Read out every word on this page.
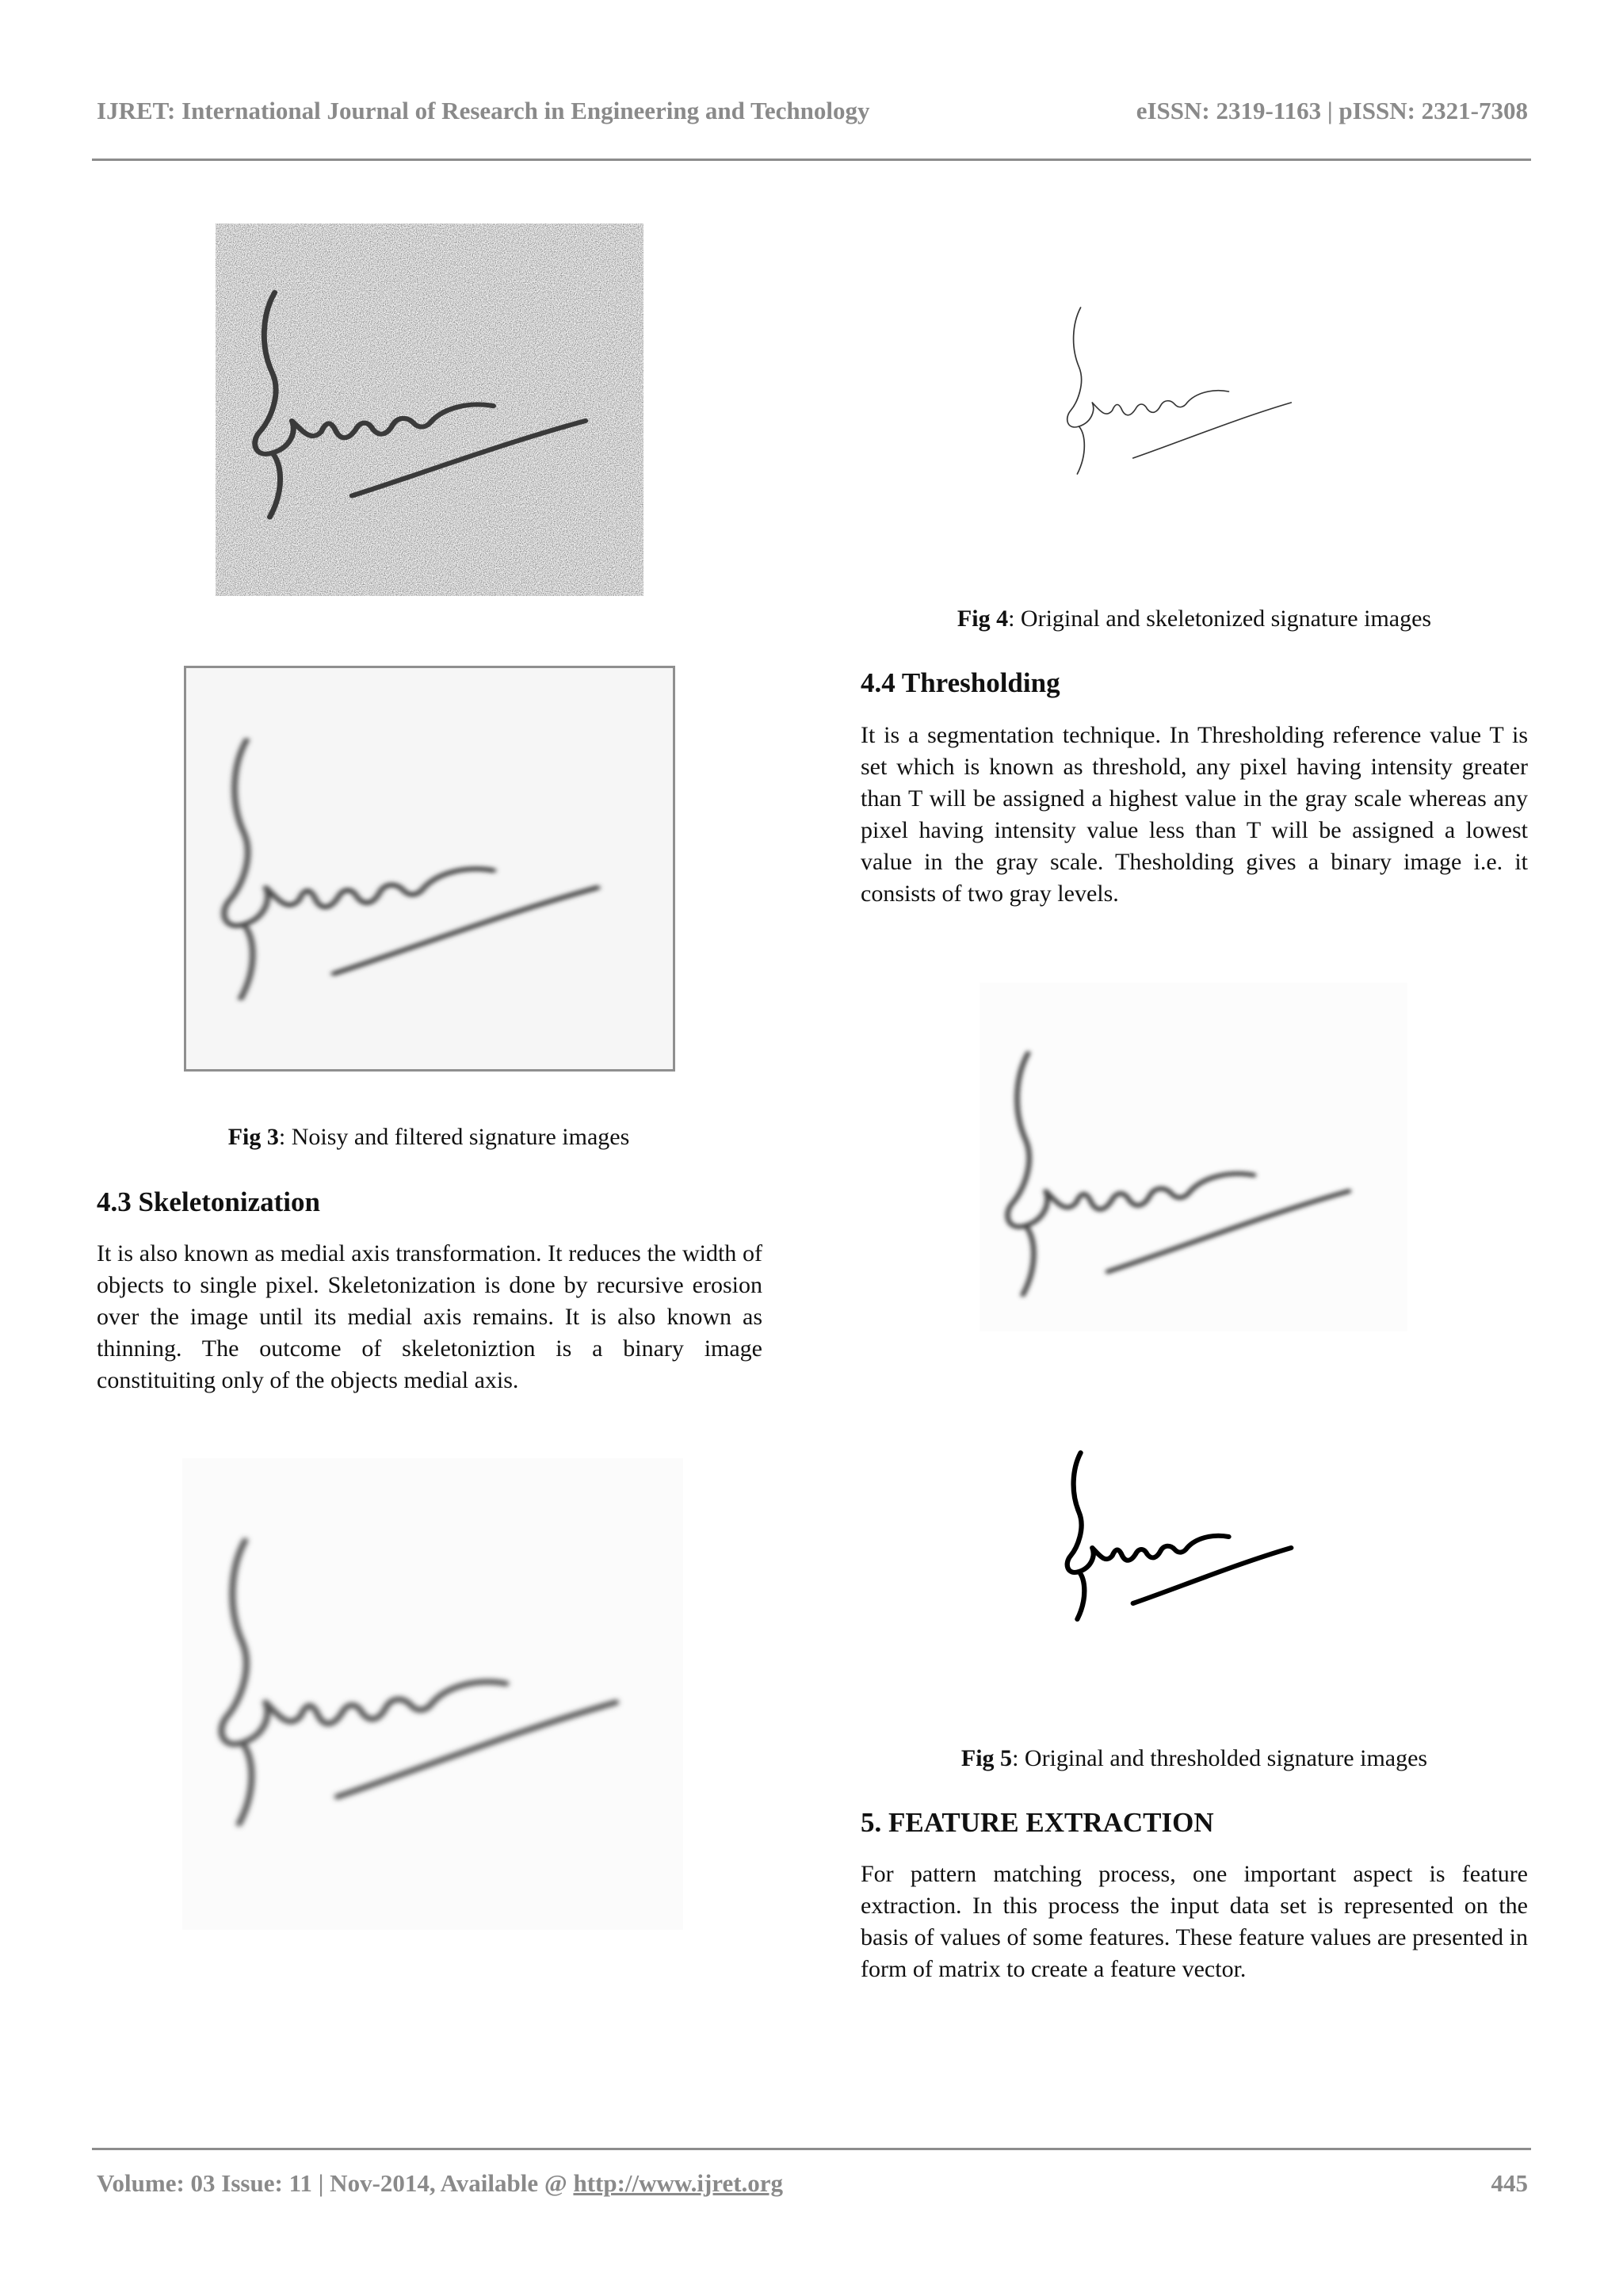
IJRET: International Journal of Research in Engineering and Technology	eISSN: 2319-1163 | pISSN: 2321-7308
Fig 3: Noisy and filtered signature images
4.3 Skeletonization
It is also known as medial axis transformation. It reduces the width of objects to single pixel. Skeletonization is done by recursive erosion over the image until its medial axis remains. It is also known as thinning. The outcome of skeletoniztion is a binary image constituiting only of the objects medial axis.
Fig 4: Original and skeletonized signature images
4.4 Thresholding
It is a segmentation technique. In Thresholding reference value T is set which is known as threshold, any pixel having intensity greater than T will be assigned a highest value in the gray scale whereas any pixel having intensity value less than T will be assigned a lowest value in the gray scale. Thesholding gives a binary image i.e. it consists of two gray levels.
Fig 5: Original and thresholded signature images
5. FEATURE EXTRACTION
For pattern matching process, one important aspect is feature extraction. In this process the input data set is represented on the basis of values of some features. These feature values are presented in form of matrix to create a feature vector.
Volume: 03 Issue: 11 | Nov-2014, Available @ http://www.ijret.org	445
